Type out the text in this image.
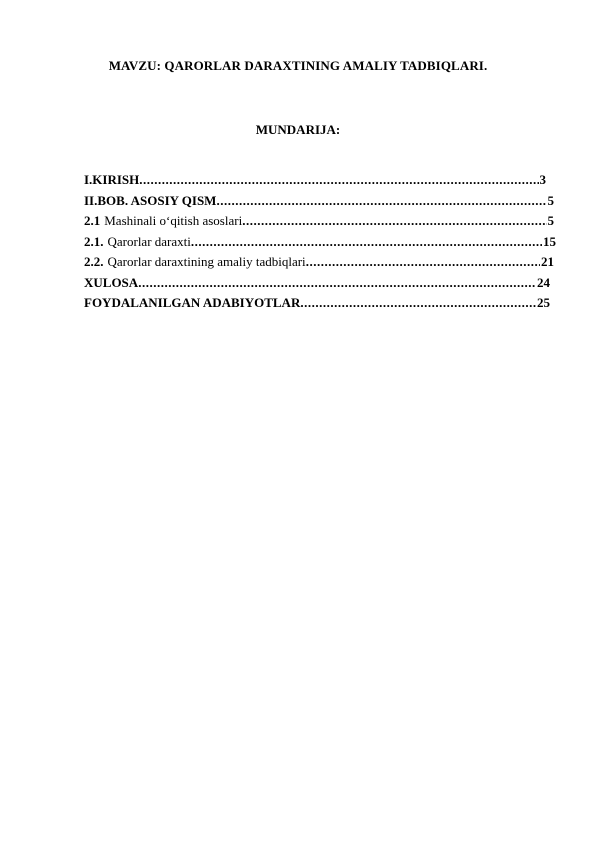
MAVZU: QARORLAR DARAXTINING AMALIY TADBIQLARI.
MUNDARIJA:
I.KIRISH .....	3
II.BOB. ASOSIY QISM .....	5
2.1 Mashinali o‘qitish asoslari .....	5
2.1. Qarorlar daraxti .....	15
2.2. Qarorlar daraxtining amaliy tadbiqlari .....	21
XULOSA .....	24
FOYDALANILGAN ADABIYOTLAR .....	25
